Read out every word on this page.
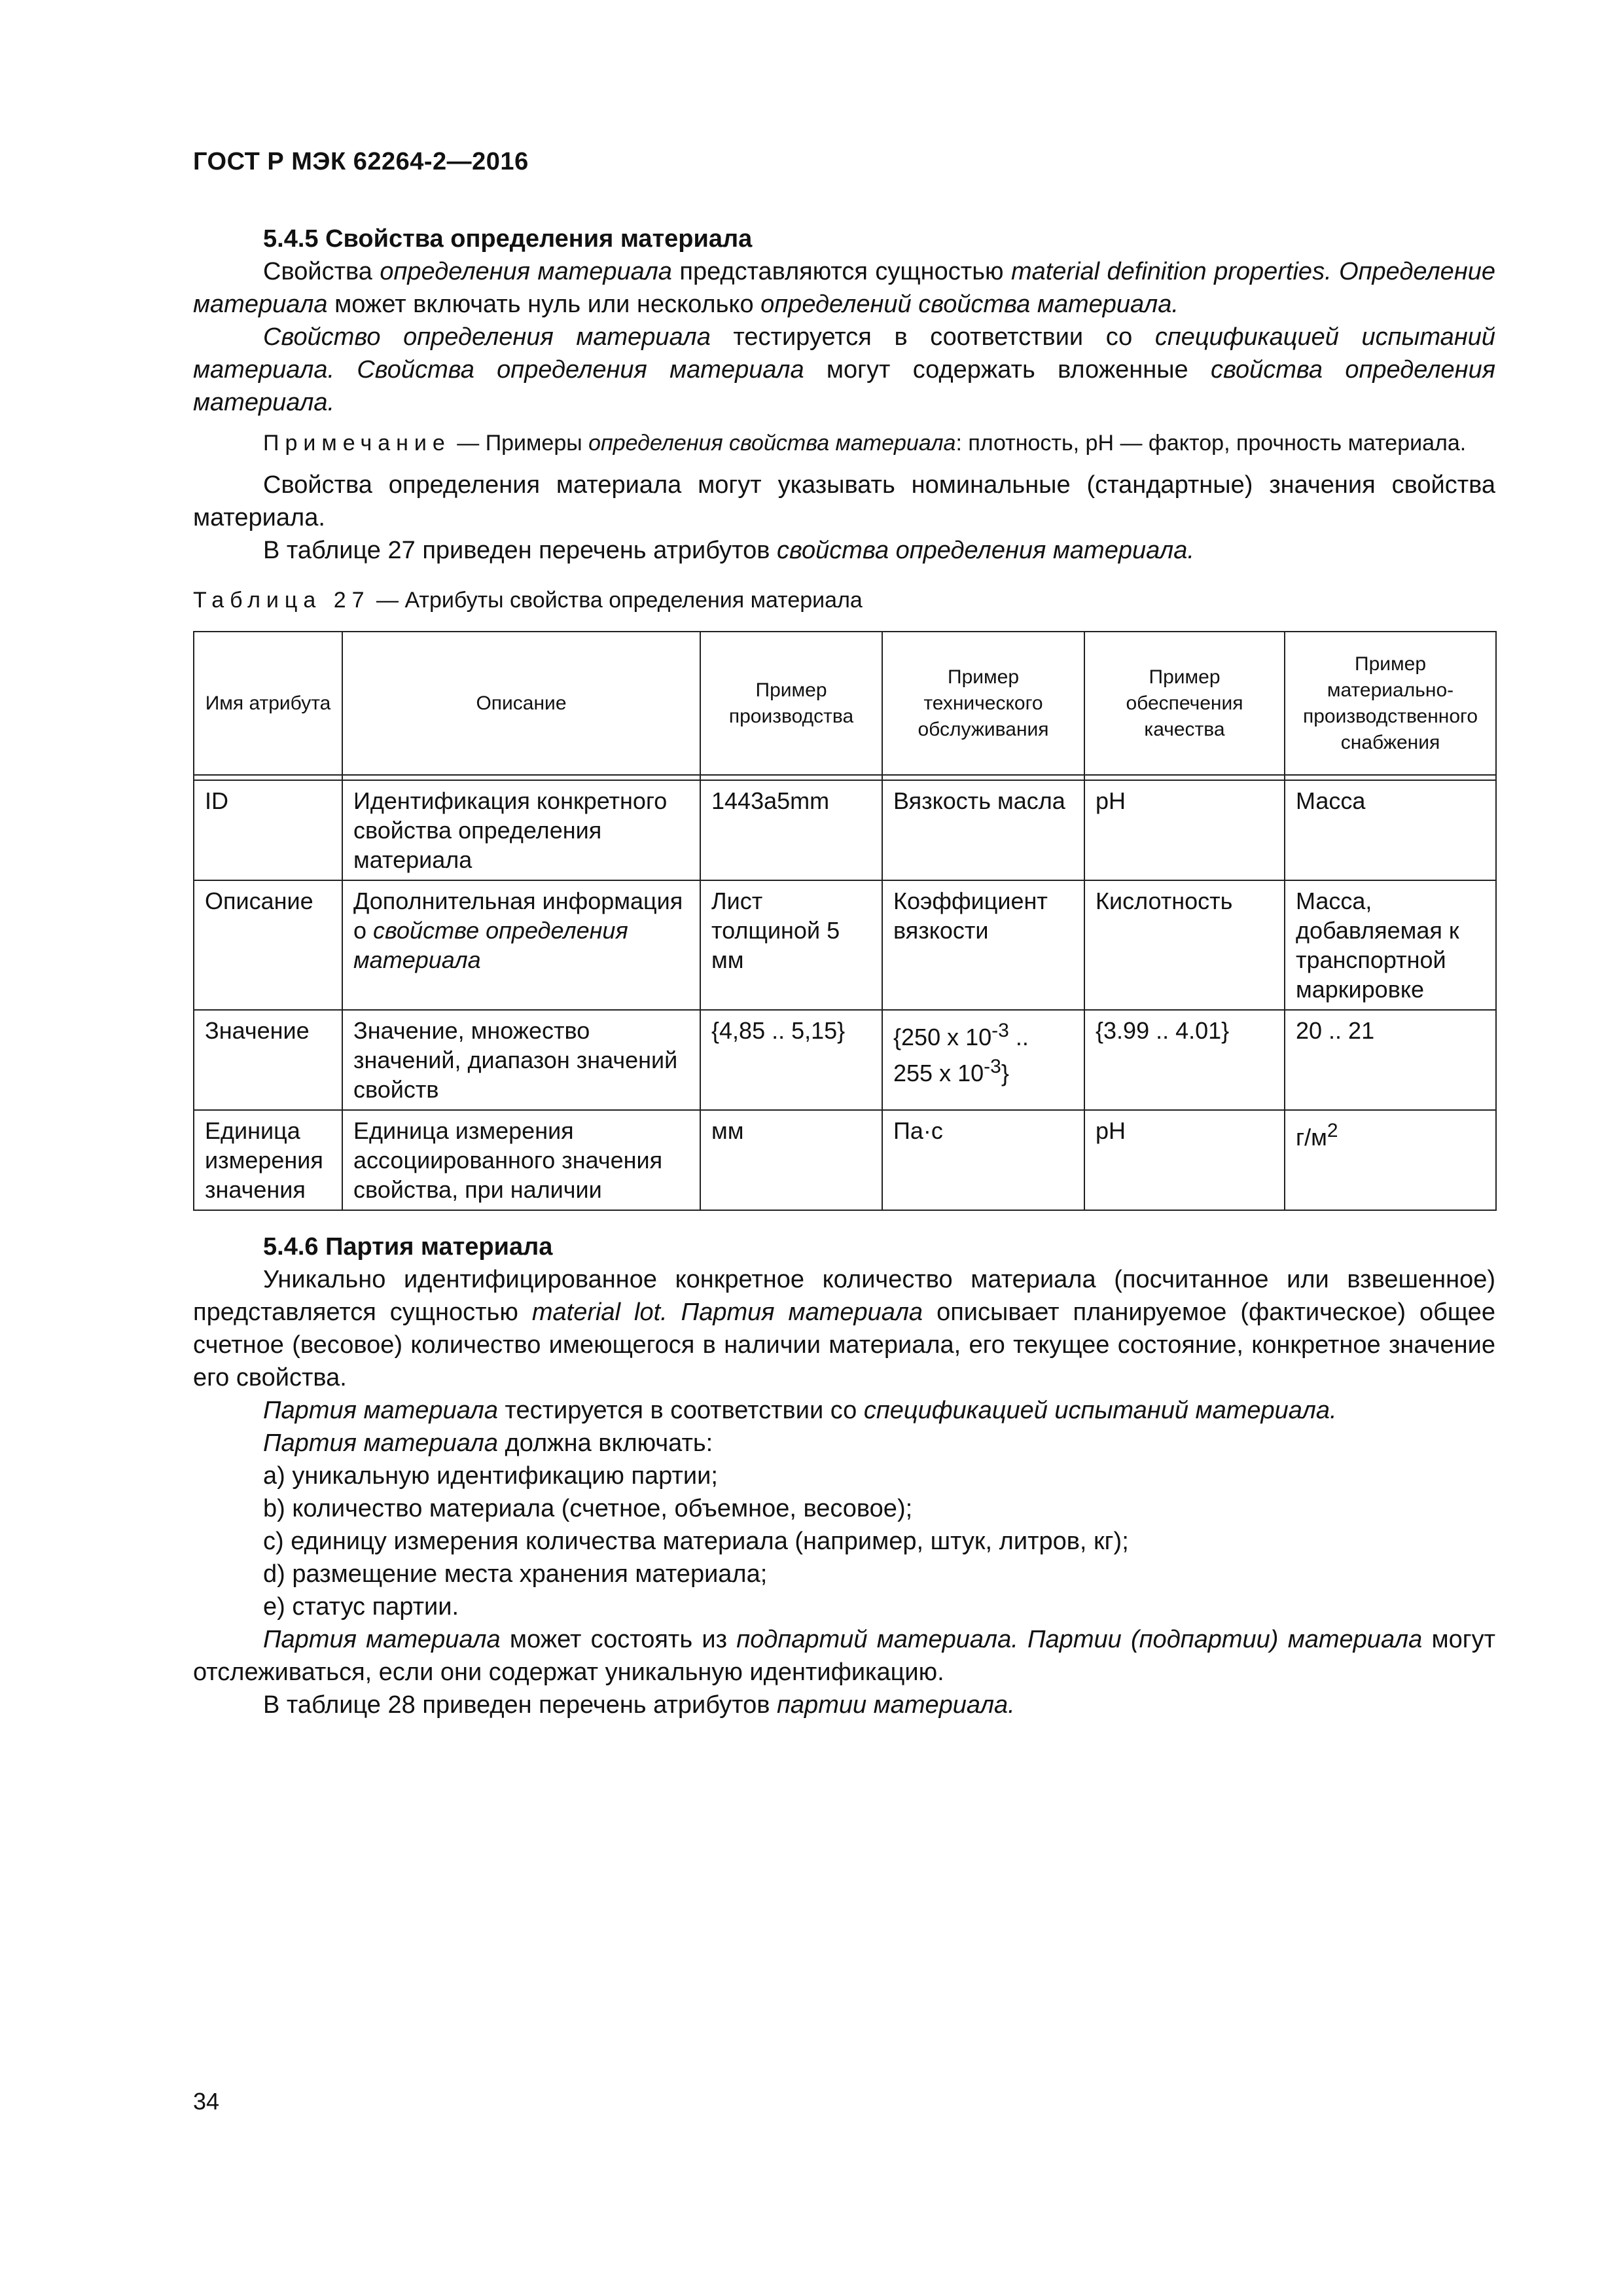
ГОСТ Р МЭК 62264-2—2016

5.4.5 Свойства определения материала

Свойства определения материала представляются сущностью material definition properties. Определение материала может включать нуль или несколько определений свойства материала.

Свойство определения материала тестируется в соответствии со спецификацией испытаний материала. Свойства определения материала могут содержать вложенные свойства определения материала.

Примечание — Примеры определения свойства материала: плотность, pH — фактор, прочность материала.

Свойства определения материала могут указывать номинальные (стандартные) значения свойства материала.

В таблице 27 приведен перечень атрибутов свойства определения материала.

Таблица 27 — Атрибуты свойства определения материала
Имя атрибута	Описание	Пример производства	Пример технического обслуживания	Пример обеспечения качества	Пример материально-производственного снабжения

ID	Идентификация конкретного свойства определения материала	1443a5mm	Вязкость масла	pH	Масса
Описание	Дополнительная информация о свойстве определения материала	Лист толщиной 5 мм	Коэффициент вязкости	Кислотность	Масса, добавляемая к транспортной маркировке
Значение	Значение, множество значений, диапазон значений свойств	{4,85 .. 5,15}	{250 x $10^{-3}$ .. 255 x $10^{-3}$}	{3.99 .. 4.01}	20 .. 21
Единица измерения значения	Единица измерения ассоциированного значения свойства, при наличии	мм	Па·с	pH	$г/м^2$

5.4.6 Партия материала

Уникально идентифицированное конкретное количество материала (посчитанное или взвешенное) представляется сущностью material lot. Партия материала описывает планируемое (фактическое) общее счетное (весовое) количество имеющегося в наличии материала, его текущее состояние, конкретное значение его свойства.

Партия материала тестируется в соответствии со спецификацией испытаний материала.

Партия материала должна включать:

a) уникальную идентификацию партии;
b) количество материала (счетное, объемное, весовое);
c) единицу измерения количества материала (например, штук, литров, кг);
d) размещение места хранения материала;
e) статус партии.

Партия материала может состоять из подпартий материала. Партии (подпартии) материала могут отслеживаться, если они содержат уникальную идентификацию.

В таблице 28 приведен перечень атрибутов партии материала.

34
